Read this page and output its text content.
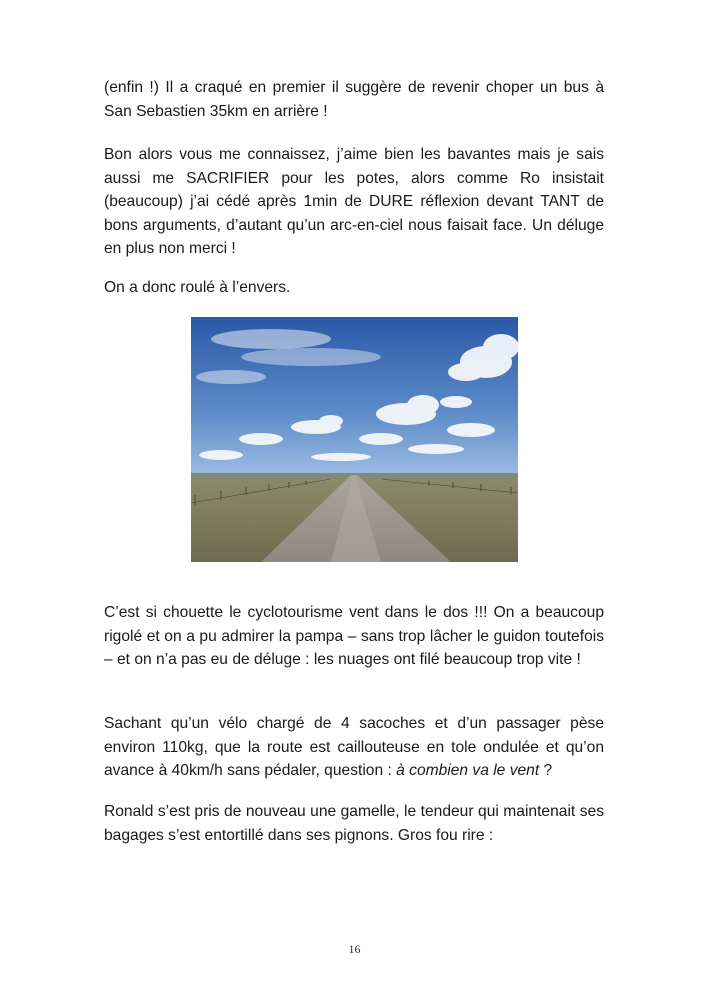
(enfin !) Il a craqué en premier il suggère de revenir choper un bus à San Sebastien 35km en arrière !

Bon alors vous me connaissez, j’aime bien les bavantes mais je sais aussi me SACRIFIER pour les potes, alors comme Ro insistait (beaucoup) j’ai cédé après 1min de DURE réflexion devant TANT de bons arguments, d’autant qu’un arc-en-ciel nous faisait face. Un déluge en plus non merci !

On a donc roulé à l’envers.

C’est si chouette le cyclotourisme vent dans le dos !!! On a beaucoup rigolé et on a pu admirer la pampa – sans trop lâcher le guidon toutefois – et on n’a pas eu de déluge : les nuages ont filé beaucoup trop vite !

Sachant qu’un vélo chargé de 4 sacoches et d’un passager pèse environ 110kg, que la route est caillouteuse en tole ondulée et qu’on avance à 40km/h sans pédaler, question : à combien va le vent ?

Ronald s’est pris de nouveau une gamelle, le tendeur qui maintenait ses bagages s’est entortillé dans ses pignons. Gros fou rire :

16
